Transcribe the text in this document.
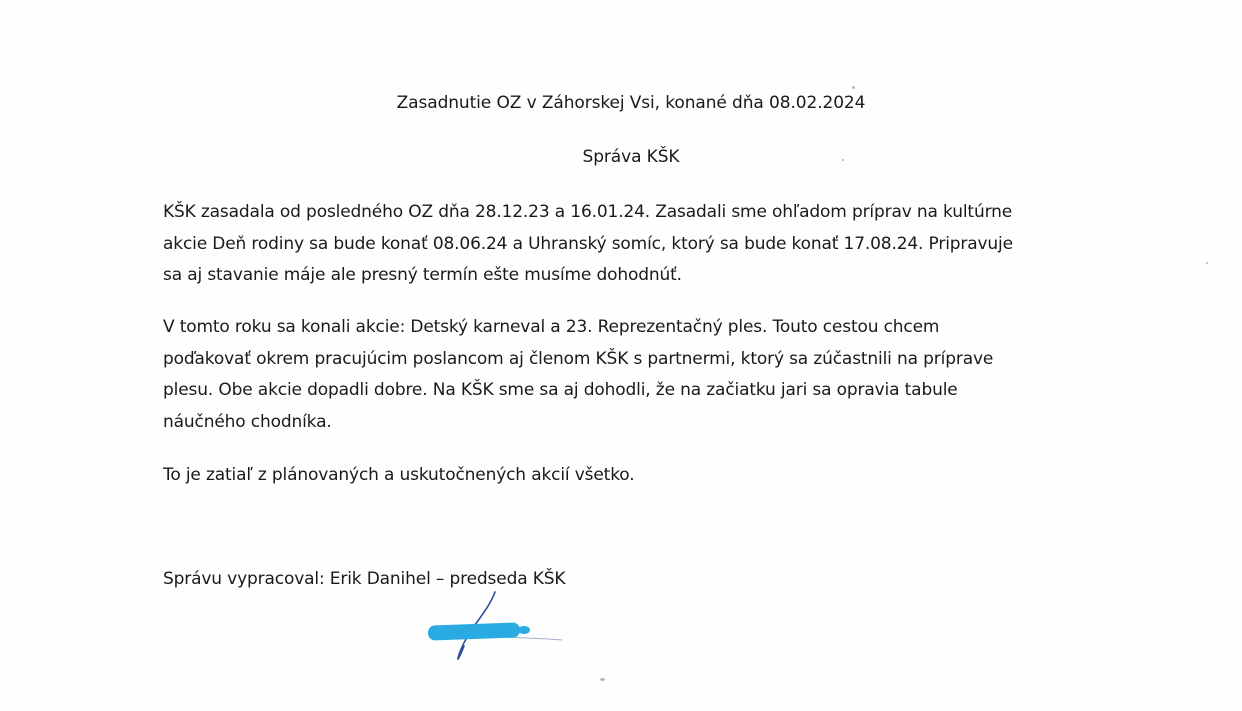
Zasadnutie OZ v Záhorskej Vsi, konané dňa 08.02.2024
Správa KŠK

KŠK zasadala od posledného OZ dňa 28.12.23 a 16.01.24. Zasadali sme ohľadom príprav na kultúrne
akcie Deň rodiny sa bude konať 08.06.24 a Uhranský somíc, ktorý sa bude konať 17.08.24. Pripravuje
sa aj stavanie máje ale presný termín ešte musíme dohodnúť.

V tomto roku sa konali akcie: Detský karneval a 23. Reprezentačný ples. Touto cestou chcem
poďakovať okrem pracujúcim poslancom aj členom KŠK s partnermi, ktorý sa zúčastnili na príprave
plesu. Obe akcie dopadli dobre. Na KŠK sme sa aj dohodli, že na začiatku jari sa opravia tabule
náučného chodníka.

To je zatiaľ z plánovaných a uskutočnených akcií všetko.

Správu vypracoval: Erik Danihel – predseda KŠK
